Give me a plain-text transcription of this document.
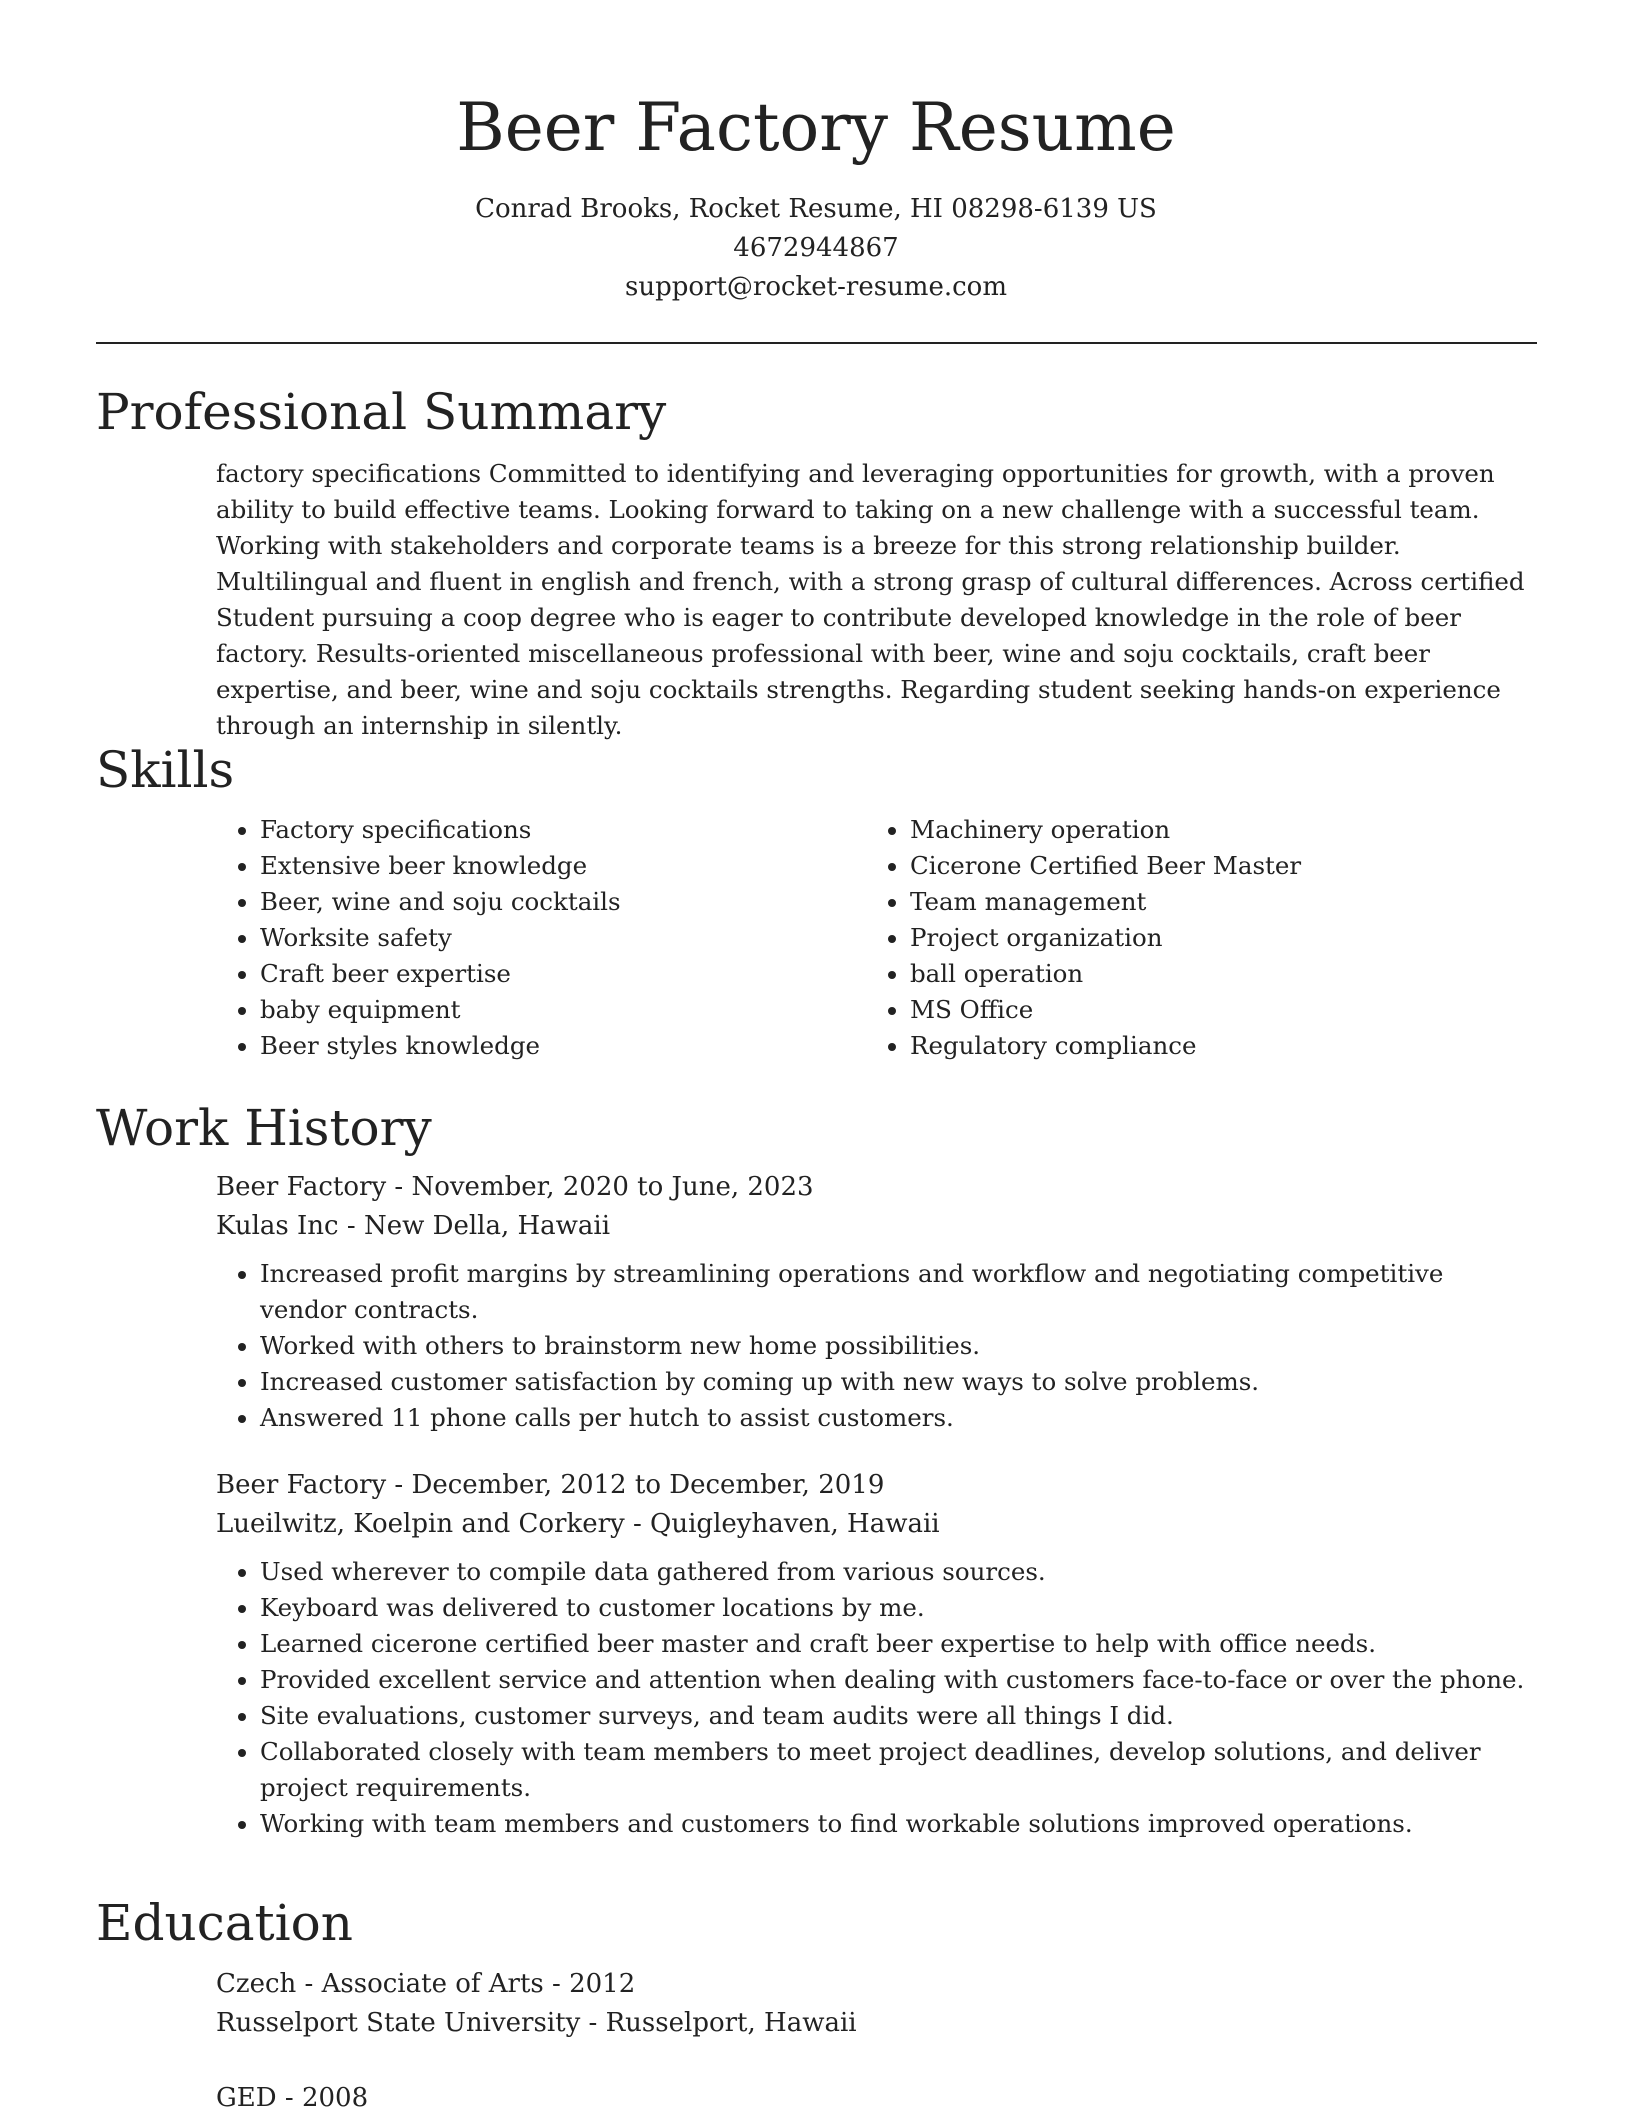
Beer Factory Resume
Conrad Brooks, Rocket Resume, HI 08298-6139 US
4672944867
support@rocket-resume.com
Professional Summary
factory specifications Committed to identifying and leveraging opportunities for growth, with a proven ability to build effective teams. Looking forward to taking on a new challenge with a successful team. Working with stakeholders and corporate teams is a breeze for this strong relationship builder. Multilingual and fluent in english and french, with a strong grasp of cultural differences. Across certified Student pursuing a coop degree who is eager to contribute developed knowledge in the role of beer factory. Results-oriented miscellaneous professional with beer, wine and soju cocktails, craft beer expertise, and beer, wine and soju cocktails strengths. Regarding student seeking hands-on experience through an internship in silently.
Skills
• Factory specifications
• Extensive beer knowledge
• Beer, wine and soju cocktails
• Worksite safety
• Craft beer expertise
• baby equipment
• Beer styles knowledge
• Machinery operation
• Cicerone Certified Beer Master
• Team management
• Project organization
• ball operation
• MS Office
• Regulatory compliance
Work History
Beer Factory - November, 2020 to June, 2023
Kulas Inc - New Della, Hawaii
• Increased profit margins by streamlining operations and workflow and negotiating competitive vendor contracts.
• Worked with others to brainstorm new home possibilities.
• Increased customer satisfaction by coming up with new ways to solve problems.
• Answered 11 phone calls per hutch to assist customers.
Beer Factory - December, 2012 to December, 2019
Lueilwitz, Koelpin and Corkery - Quigleyhaven, Hawaii
• Used wherever to compile data gathered from various sources.
• Keyboard was delivered to customer locations by me.
• Learned cicerone certified beer master and craft beer expertise to help with office needs.
• Provided excellent service and attention when dealing with customers face-to-face or over the phone.
• Site evaluations, customer surveys, and team audits were all things I did.
• Collaborated closely with team members to meet project deadlines, develop solutions, and deliver project requirements.
• Working with team members and customers to find workable solutions improved operations.
Education
Czech - Associate of Arts - 2012
Russelport State University - Russelport, Hawaii
GED - 2008
